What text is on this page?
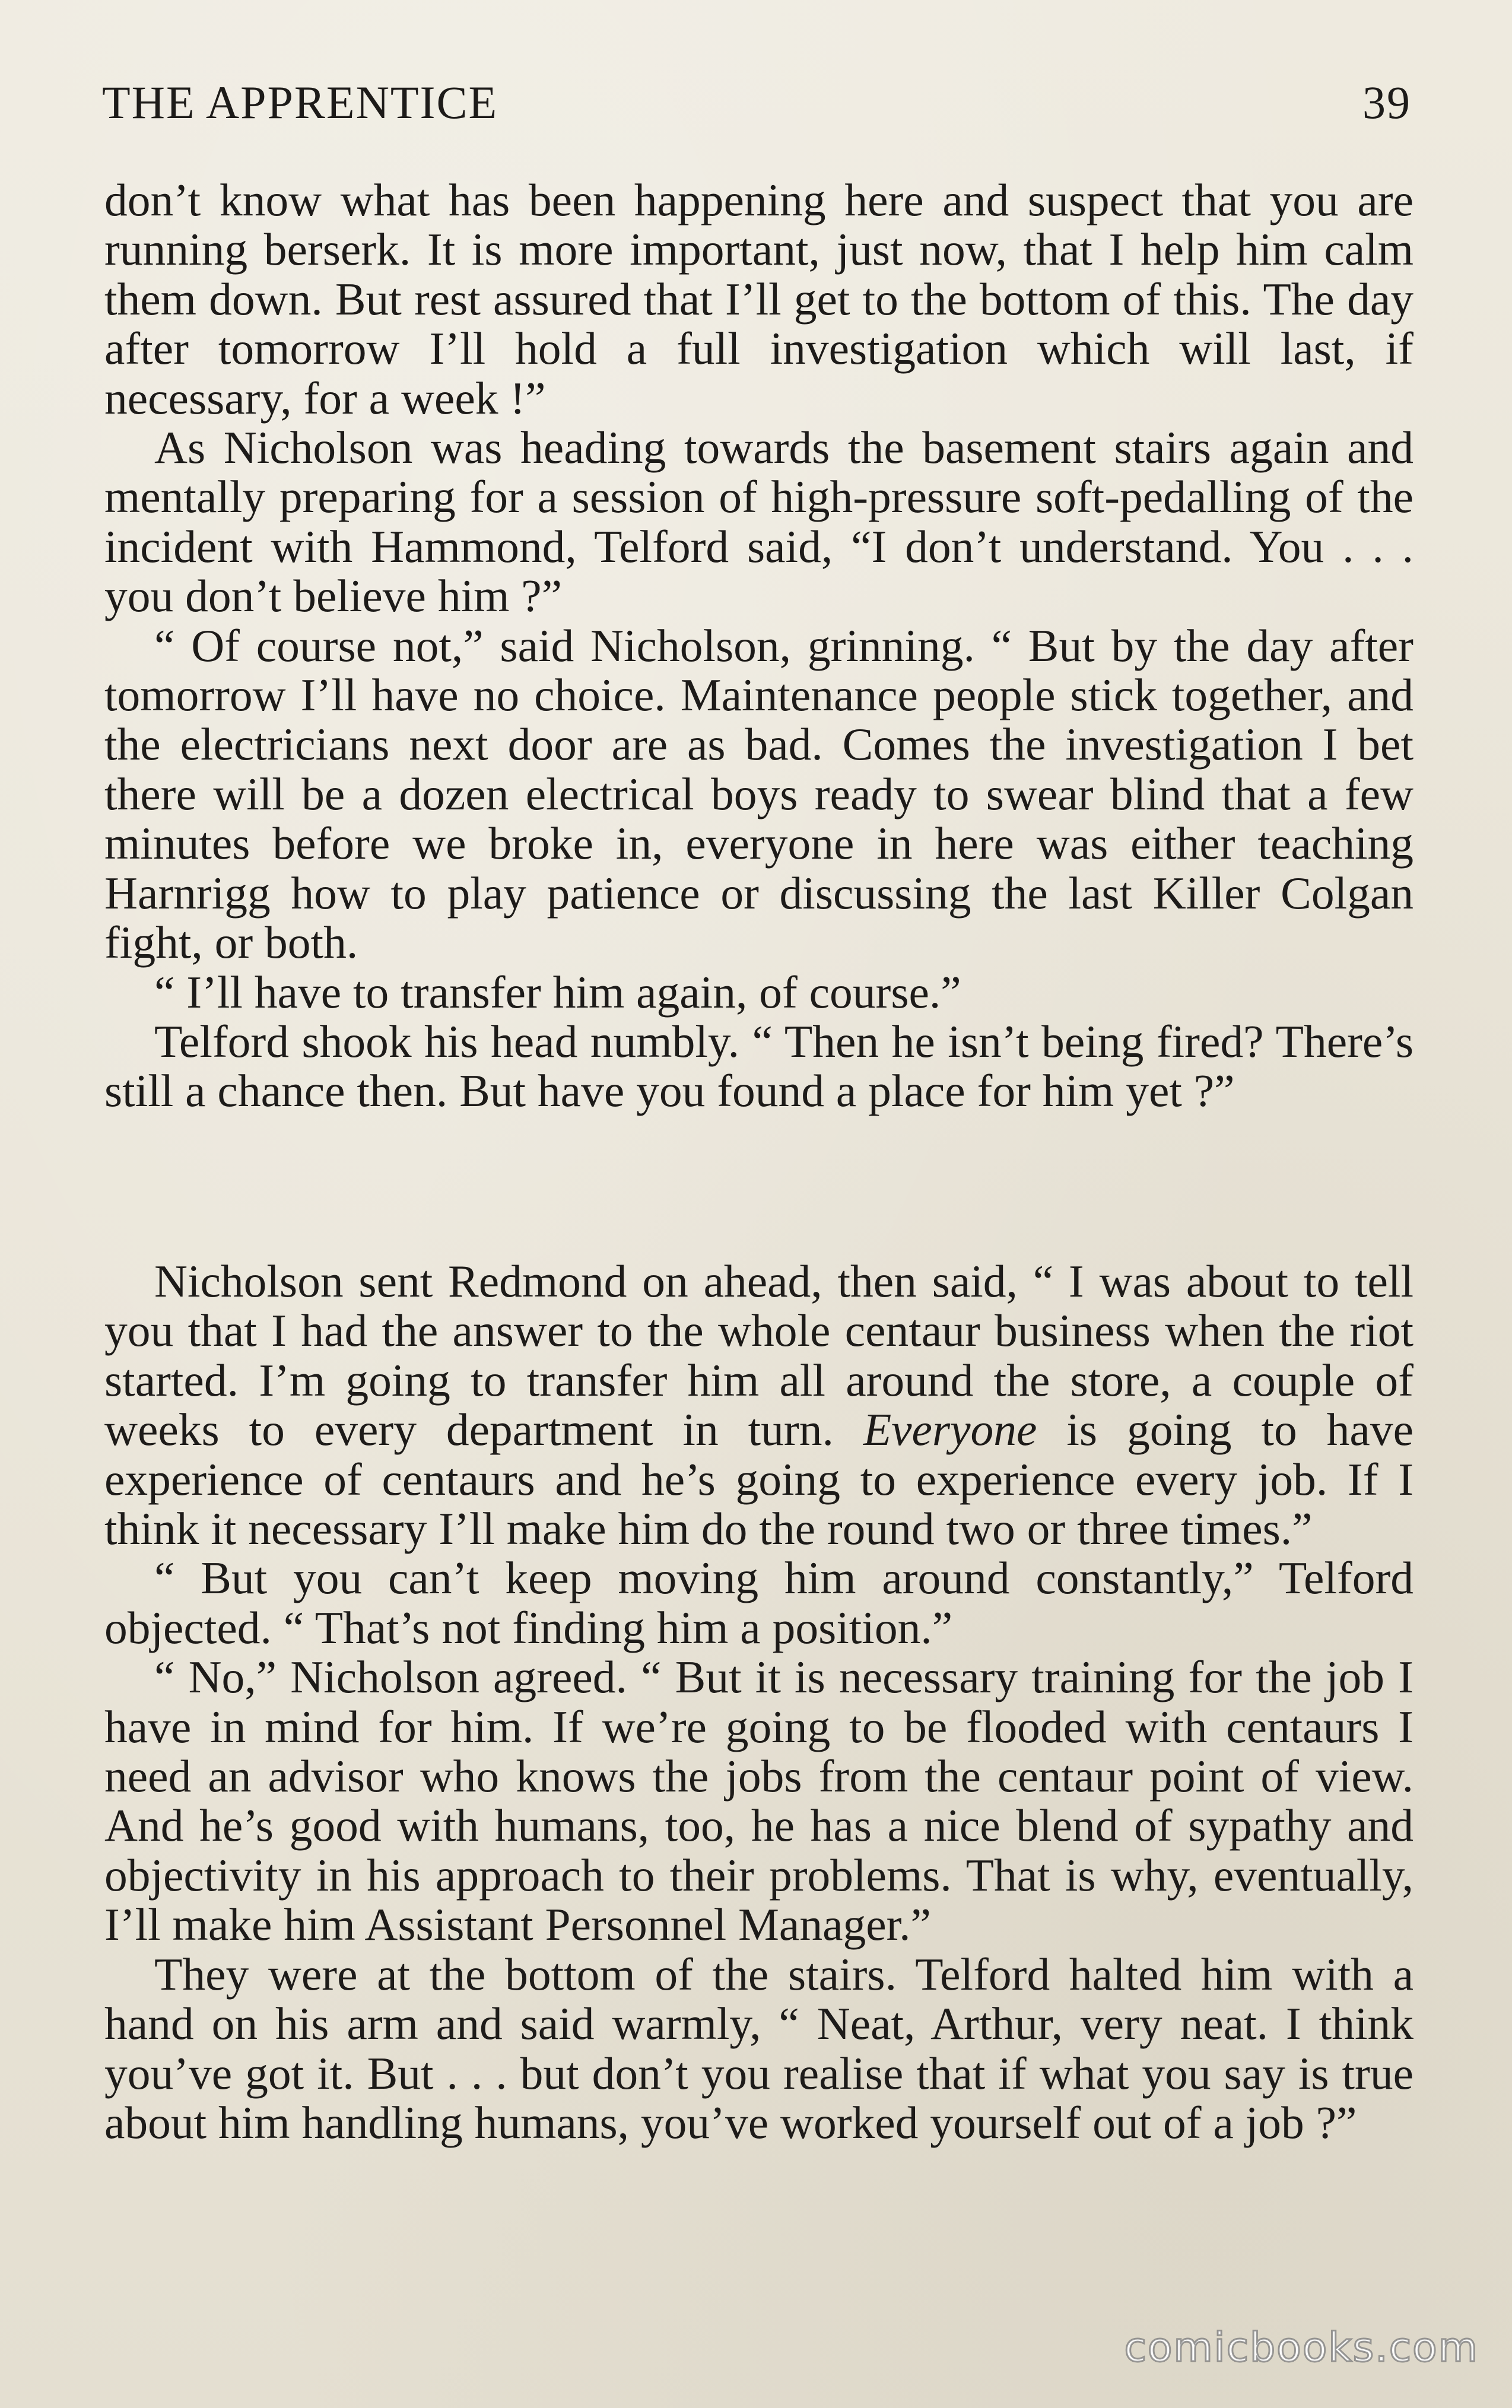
THE APPRENTICE	39

don’t know what has been happening here and suspect that you are running berserk. It is more important, just now, that I help him calm them down. But rest assured that I’ll get to the bottom of this. The day after tomorrow I’ll hold a full investigation which will last, if necessary, for a week !”

As Nicholson was heading towards the basement stairs again and mentally preparing for a session of high-pressure soft-pedalling of the incident with Hammond, Telford said, “I don’t understand. You . . . you don’t believe him ?”

“ Of course not,” said Nicholson, grinning. “ But by the day after tomorrow I’ll have no choice. Maintenance people stick together, and the electricians next door are as bad. Comes the investigation I bet there will be a dozen electrical boys ready to swear blind that a few minutes before we broke in, everyone in here was either teaching Harnrigg how to play patience or discussing the last Killer Colgan fight, or both.

“ I’ll have to transfer him again, of course.”

Telford shook his head numbly. “ Then he isn’t being fired? There’s still a chance then. But have you found a place for him yet ?”

Nicholson sent Redmond on ahead, then said, “ I was about to tell you that I had the answer to the whole centaur business when the riot started. I’m going to transfer him all around the store, a couple of weeks to every department in turn. Everyone is going to have experience of centaurs and he’s going to experience every job. If I think it necessary I’ll make him do the round two or three times.”

“ But you can’t keep moving him around constantly,” Telford objected. “ That’s not finding him a position.”

“ No,” Nicholson agreed. “ But it is necessary training for the job I have in mind for him. If we’re going to be flooded with centaurs I need an advisor who knows the jobs from the centaur point of view. And he’s good with humans, too, he has a nice blend of sypathy and objectivity in his approach to their problems. That is why, eventually, I’ll make him Assistant Personnel Manager.”

They were at the bottom of the stairs. Telford halted him with a hand on his arm and said warmly, “ Neat, Arthur, very neat. I think you’ve got it. But . . . but don’t you realise that if what you say is true about him handling humans, you’ve worked yourself out of a job ?”

comicbooks.com
